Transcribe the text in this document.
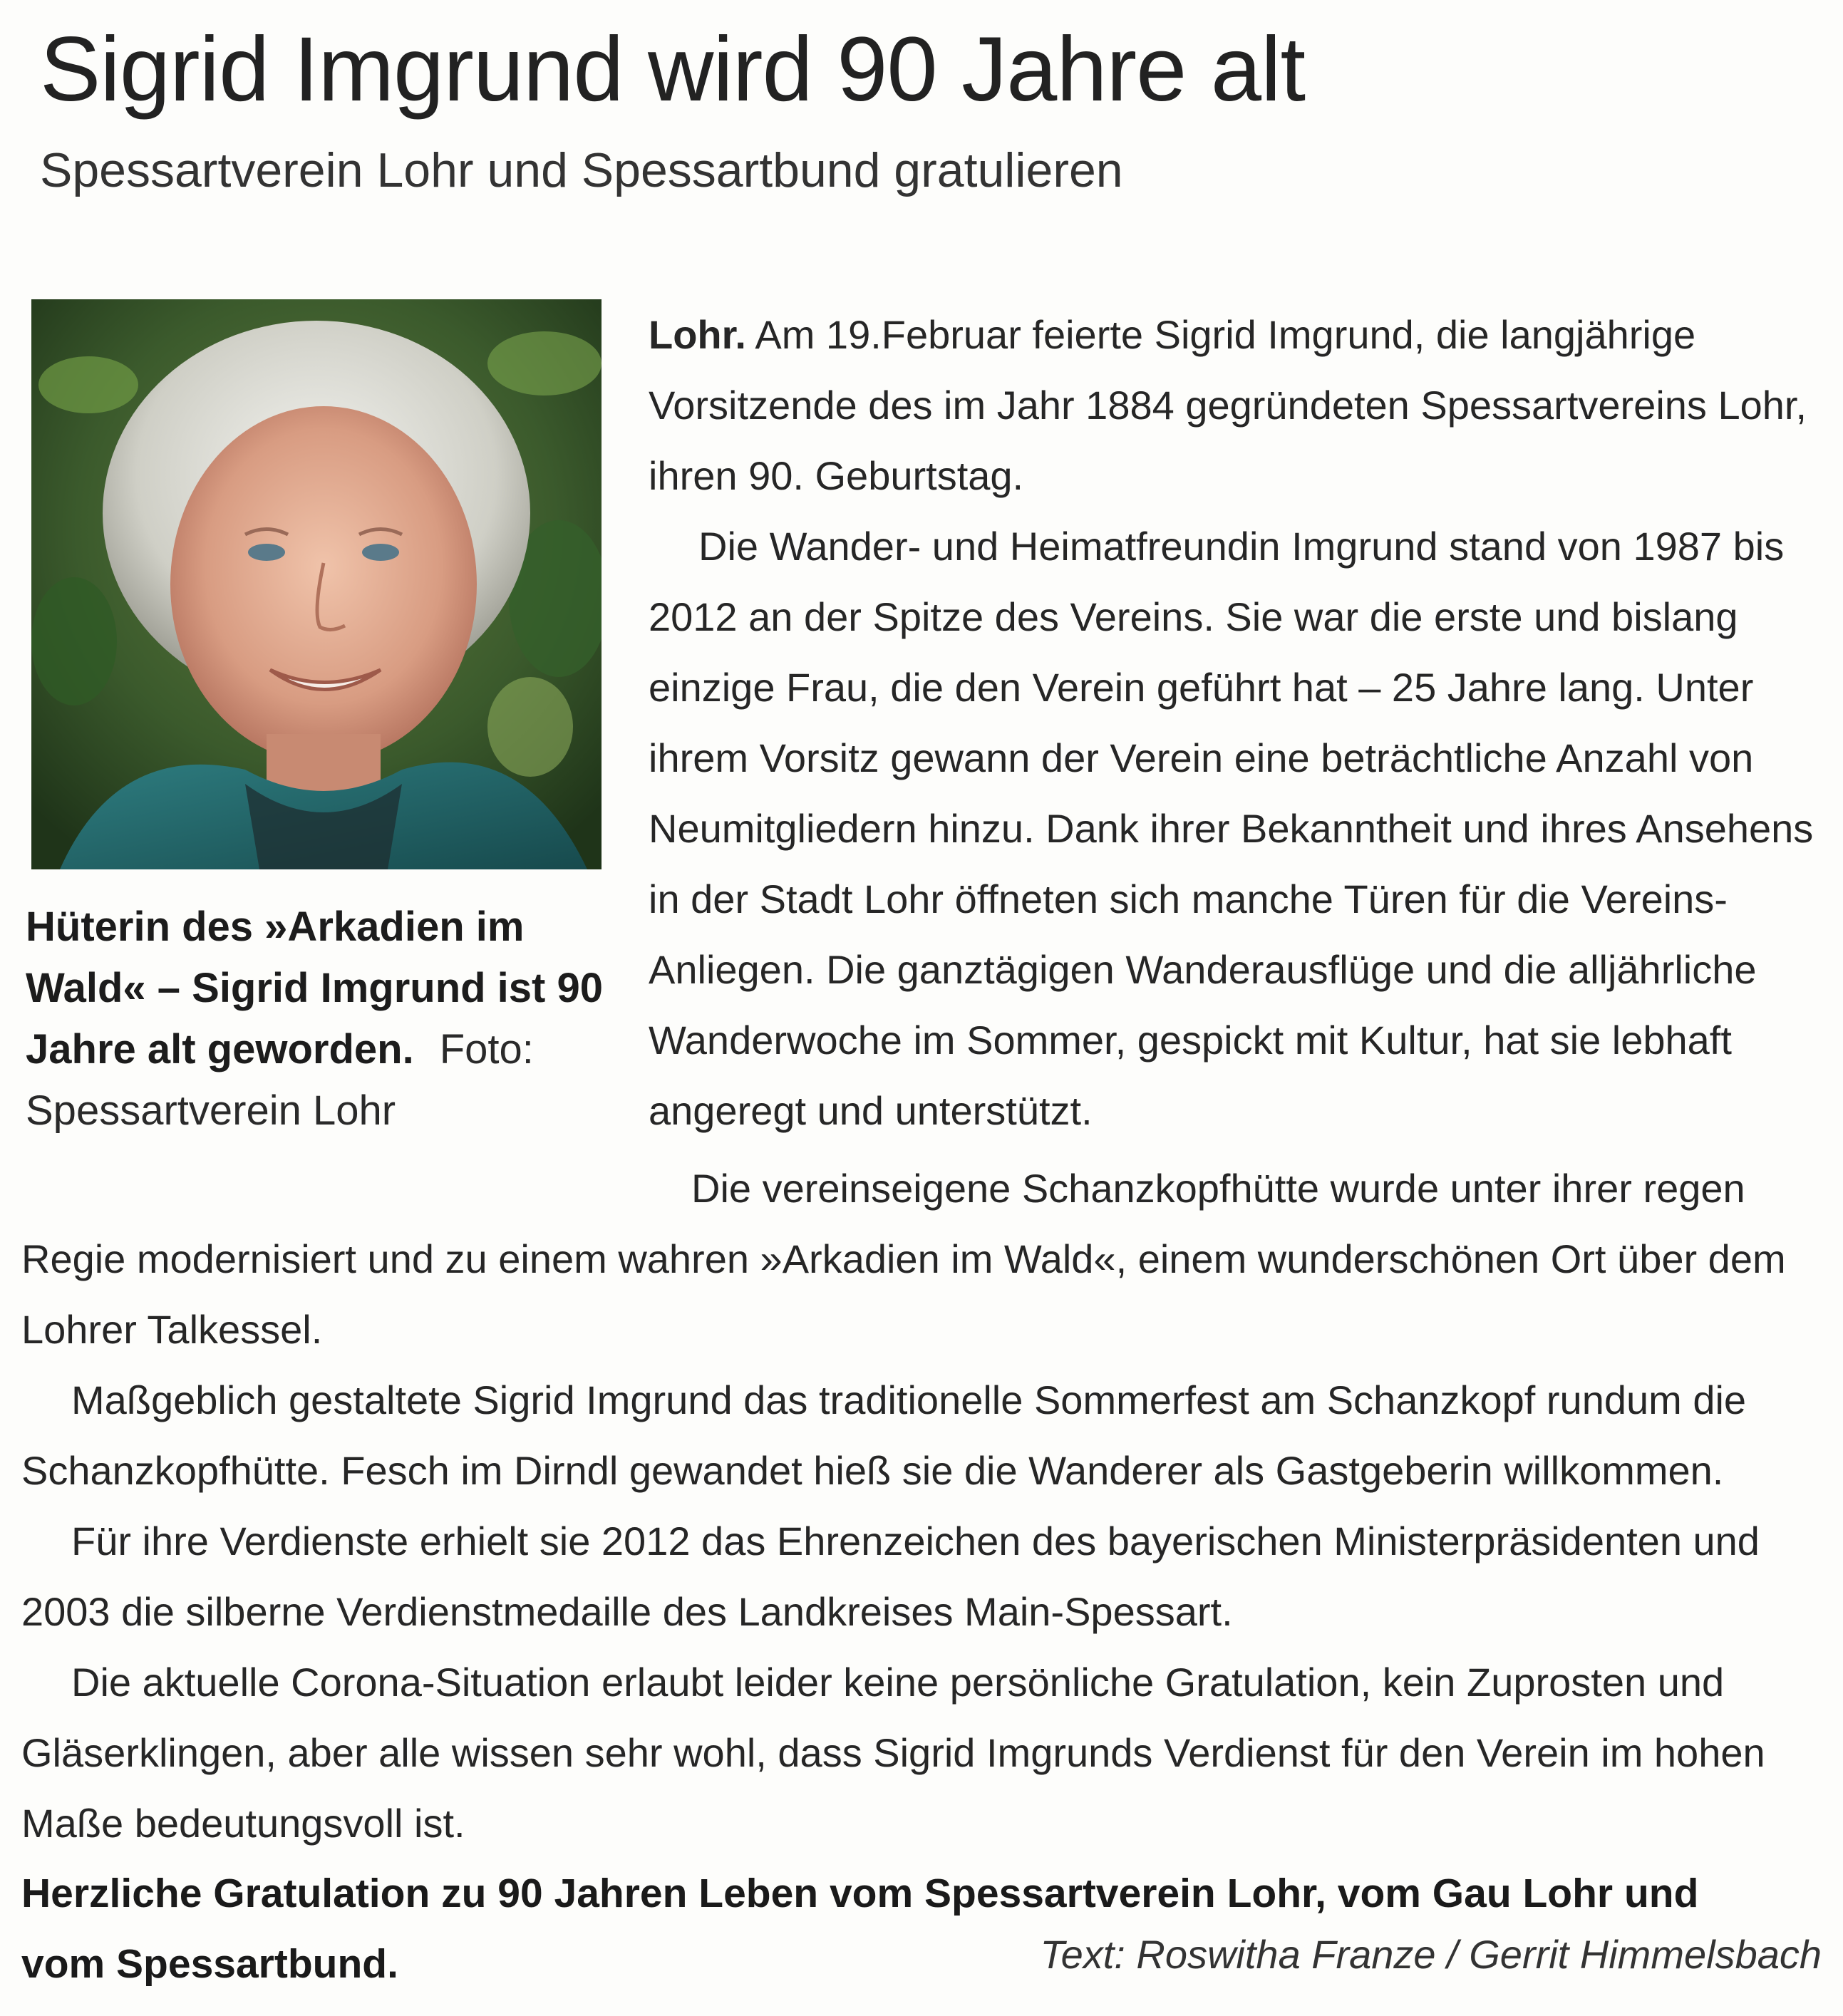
Sigrid Imgrund wird 90 Jahre alt
Spessartverein Lohr und Spessartbund gratulieren
Hüterin des »Arkadien im Wald« – Sigrid Imgrund ist 90 Jahre alt geworden. Foto: Spessartverein Lohr

Lohr. Am 19.Februar feierte Sigrid Imgrund, die langjährige Vorsitzende des im Jahr 1884 gegründeten Spessartvereins Lohr, ihren 90. Geburtstag.

Die Wander- und Heimatfreundin Imgrund stand von 1987 bis 2012 an der Spitze des Vereins. Sie war die erste und bislang einzige Frau, die den Verein geführt hat – 25 Jahre lang. Unter ihrem Vorsitz gewann der Verein eine beträchtliche Anzahl von Neumitgliedern hinzu. Dank ihrer Bekanntheit und ihres Ansehens in der Stadt Lohr öffneten sich manche Türen für die Vereins-Anliegen. Die ganztägigen Wanderausflüge und die alljährliche Wanderwoche im Sommer, gespickt mit Kultur, hat sie lebhaft angeregt und unterstützt.

Die vereinseigene Schanzkopfhütte wurde unter ihrer regen Regie modernisiert und zu einem wahren »Arkadien im Wald«, einem wunderschönen Ort über dem Lohrer Talkessel.

Maßgeblich gestaltete Sigrid Imgrund das traditionelle Sommerfest am Schanzkopf rundum die Schanzkopfhütte. Fesch im Dirndl gewandet hieß sie die Wanderer als Gastgeberin willkommen.

Für ihre Verdienste erhielt sie 2012 das Ehrenzeichen des bayerischen Ministerpräsidenten und 2003 die silberne Verdienstmedaille des Landkreises Main-Spessart.

Die aktuelle Corona-Situation erlaubt leider keine persönliche Gratulation, kein Zuprosten und Gläserklingen, aber alle wissen sehr wohl, dass Sigrid Imgrunds Verdienst für den Verein im hohen Maße bedeutungsvoll ist.

Herzliche Gratulation zu 90 Jahren Leben vom Spessartverein Lohr, vom Gau Lohr und vom Spessartbund.	Text: Roswitha Franze / Gerrit Himmelsbach
